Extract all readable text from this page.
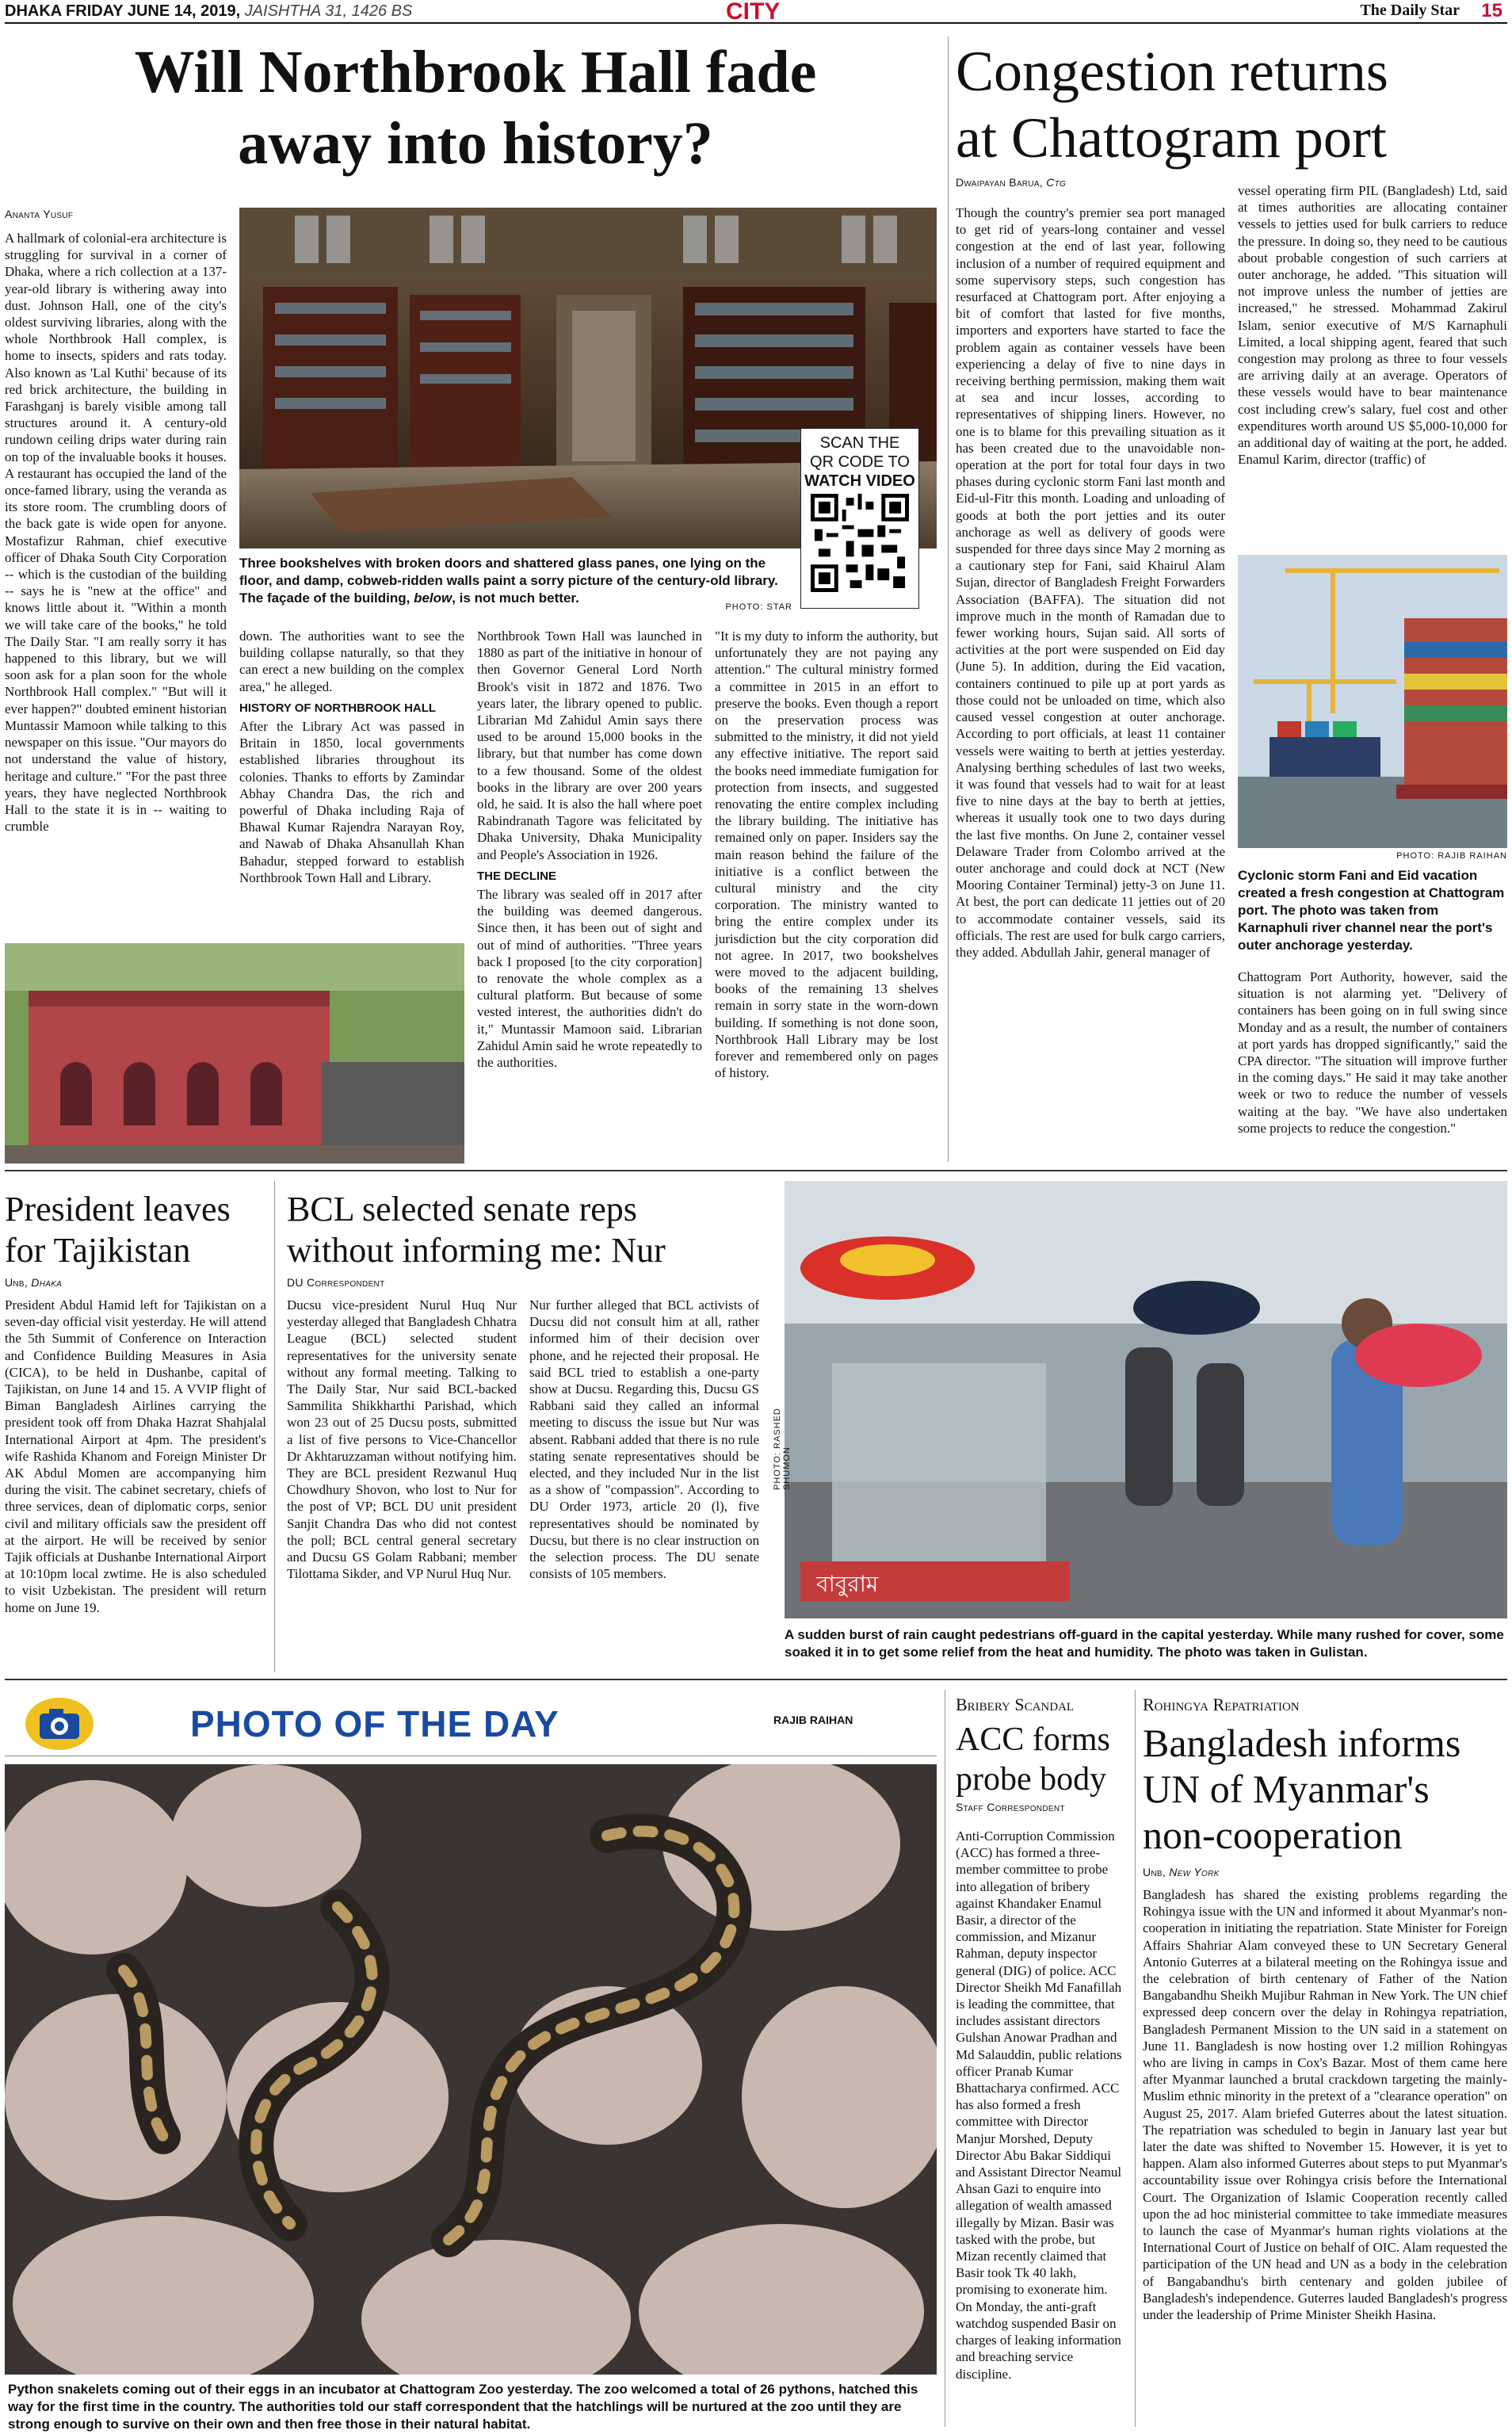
DHAKA FRIDAY JUNE 14, 2019, JAISHTHA 31, 1426 BS	CITY	The Daily Star 15
Will Northbrook Hall fade
away into history?
Ananta Yusuf
A hallmark of colonial-era architecture is struggling for survival in a corner of Dhaka, where a rich collection at a 137-year-old library is withering away into dust. Johnson Hall, one of the city's oldest surviving libraries, along with the whole Northbrook Hall complex, is home to insects, spiders and rats today. Also known as 'Lal Kuthi' because of its red brick architecture, the building in Farashganj is barely visible among tall structures around it. A century-old rundown ceiling drips water during rain on top of the invaluable books it houses. A restaurant has occupied the land of the once-famed library, using the veranda as its store room. The crumbling doors of the back gate is wide open for anyone. Mostafizur Rahman, chief executive officer of Dhaka South City Corporation -- which is the custodian of the building -- says he is "new at the office" and knows little about it. "Within a month we will take care of the books," he told The Daily Star. "I am really sorry it has happened to this library, but we will soon ask for a plan soon for the whole Northbrook Hall complex." "But will it ever happen?" doubted eminent historian Muntassir Mamoon while talking to this newspaper on this issue. "Our mayors do not understand the value of history, heritage and culture." "For the past three years, they have neglected Northbrook Hall to the state it is in -- waiting to crumble
SCAN THE
QR CODE TO
WATCH VIDEO
Three bookshelves with broken doors and shattered glass panes, one lying on the floor, and damp, cobweb-ridden walls paint a sorry picture of the century-old library. The façade of the building, below, is not much better.
PHOTO: STAR
down. The authorities want to see the building collapse naturally, so that they can erect a new building on the complex area," he alleged.
HISTORY OF NORTHBROOK HALL
After the Library Act was passed in Britain in 1850, local governments established libraries throughout its colonies. Thanks to efforts by Zamindar Abhay Chandra Das, the rich and powerful of Dhaka including Raja of Bhawal Kumar Rajendra Narayan Roy, and Nawab of Dhaka Ahsanullah Khan Bahadur, stepped forward to establish Northbrook Town Hall and Library.
Northbrook Town Hall was launched in 1880 as part of the initiative in honour of then Governor General Lord North Brook's visit in 1872 and 1876. Two years later, the library opened to public. Librarian Md Zahidul Amin says there used to be around 15,000 books in the library, but that number has come down to a few thousand. Some of the oldest books in the library are over 200 years old, he said. It is also the hall where poet Rabindranath Tagore was felicitated by Dhaka University, Dhaka Municipality and People's Association in 1926.
THE DECLINE
The library was sealed off in 2017 after the building was deemed dangerous. Since then, it has been out of sight and out of mind of authorities. "Three years back I proposed [to the city corporation] to renovate the whole complex as a cultural platform. But because of some vested interest, the authorities didn't do it," Muntassir Mamoon said. Librarian Zahidul Amin said he wrote repeatedly to the authorities.
"It is my duty to inform the authority, but unfortunately they are not paying any attention." The cultural ministry formed a committee in 2015 in an effort to preserve the books. Even though a report on the preservation process was submitted to the ministry, it did not yield any effective initiative. The report said the books need immediate fumigation for protection from insects, and suggested renovating the entire complex including the library building. The initiative has remained only on paper. Insiders say the main reason behind the failure of the initiative is a conflict between the cultural ministry and the city corporation. The ministry wanted to bring the entire complex under its jurisdiction but the city corporation did not agree. In 2017, two bookshelves were moved to the adjacent building, books of the remaining 13 shelves remain in sorry state in the worn-down building. If something is not done soon, Northbrook Hall Library may be lost forever and remembered only on pages of history.
Congestion returns
at Chattogram port
Dwaipayan Barua, Ctg
Though the country's premier sea port managed to get rid of years-long container and vessel congestion at the end of last year, following inclusion of a number of required equipment and some supervisory steps, such congestion has resurfaced at Chattogram port. After enjoying a bit of comfort that lasted for five months, importers and exporters have started to face the problem again as container vessels have been experiencing a delay of five to nine days in receiving berthing permission, making them wait at sea and incur losses, according to representatives of shipping liners. However, no one is to blame for this prevailing situation as it has been created due to the unavoidable non-operation at the port for total four days in two phases during cyclonic storm Fani last month and Eid-ul-Fitr this month. Loading and unloading of goods at both the port jetties and its outer anchorage as well as delivery of goods were suspended for three days since May 2 morning as a cautionary step for Fani, said Khairul Alam Sujan, director of Bangladesh Freight Forwarders Association (BAFFA). The situation did not improve much in the month of Ramadan due to fewer working hours, Sujan said. All sorts of activities at the port were suspended on Eid day (June 5). In addition, during the Eid vacation, containers continued to pile up at port yards as those could not be unloaded on time, which also caused vessel congestion at outer anchorage. According to port officials, at least 11 container vessels were waiting to berth at jetties yesterday. Analysing berthing schedules of last two weeks, it was found that vessels had to wait for at least five to nine days at the bay to berth at jetties, whereas it usually took one to two days during the last five months. On June 2, container vessel Delaware Trader from Colombo arrived at the outer anchorage and could dock at NCT (New Mooring Container Terminal) jetty-3 on June 11. At best, the port can dedicate 11 jetties out of 20 to accommodate container vessels, said its officials. The rest are used for bulk cargo carriers, they added. Abdullah Jahir, general manager of
vessel operating firm PIL (Bangladesh) Ltd, said at times authorities are allocating container vessels to jetties used for bulk carriers to reduce the pressure. In doing so, they need to be cautious about probable congestion of such carriers at outer anchorage, he added. "This situation will not improve unless the number of jetties are increased," he stressed. Mohammad Zakirul Islam, senior executive of M/S Karnaphuli Limited, a local shipping agent, feared that such congestion may prolong as three to four vessels are arriving daily at an average. Operators of these vessels would have to bear maintenance cost including crew's salary, fuel cost and other expenditures worth around US $5,000-10,000 for an additional day of waiting at the port, he added. Enamul Karim, director (traffic) of
PHOTO: RAJIB RAIHAN
Cyclonic storm Fani and Eid vacation created a fresh congestion at Chattogram port. The photo was taken from Karnaphuli river channel near the port's outer anchorage yesterday.
Chattogram Port Authority, however, said the situation is not alarming yet. "Delivery of containers has been going on in full swing since Monday and as a result, the number of containers at port yards has dropped significantly," said the CPA director. "The situation will improve further in the coming days." He said it may take another week or two to reduce the number of vessels waiting at the bay. "We have also undertaken some projects to reduce the congestion."
President leaves
for Tajikistan
Unb, Dhaka
President Abdul Hamid left for Tajikistan on a seven-day official visit yesterday. He will attend the 5th Summit of Conference on Interaction and Confidence Building Measures in Asia (CICA), to be held in Dushanbe, capital of Tajikistan, on June 14 and 15. A VVIP flight of Biman Bangladesh Airlines carrying the president took off from Dhaka Hazrat Shahjalal International Airport at 4pm. The president's wife Rashida Khanom and Foreign Minister Dr AK Abdul Momen are accompanying him during the visit. The cabinet secretary, chiefs of three services, dean of diplomatic corps, senior civil and military officials saw the president off at the airport. He will be received by senior Tajik officials at Dushanbe International Airport at 10:10pm local zwtime. He is also scheduled to visit Uzbekistan. The president will return home on June 19.
BCL selected senate reps
without informing me: Nur
DU Correspondent
Ducsu vice-president Nurul Huq Nur yesterday alleged that Bangladesh Chhatra League (BCL) selected student representatives for the university senate without any formal meeting. Talking to The Daily Star, Nur said BCL-backed Sammilita Shikkharthi Parishad, which won 23 out of 25 Ducsu posts, submitted a list of five persons to Vice-Chancellor Dr Akhtaruzzaman without notifying him. They are BCL president Rezwanul Huq Chowdhury Shovon, who lost to Nur for the post of VP; BCL DU unit president Sanjit Chandra Das who did not contest the poll; BCL central general secretary and Ducsu GS Golam Rabbani; member Tilottama Sikder, and VP Nurul Huq Nur.
Nur further alleged that BCL activists of Ducsu did not consult him at all, rather informed him of their decision over phone, and he rejected their proposal. He said BCL tried to establish a one-party show at Ducsu. Regarding this, Ducsu GS Rabbani said they called an informal meeting to discuss the issue but Nur was absent. Rabbani added that there is no rule stating senate representatives should be elected, and they included Nur in the list as a show of "compassion". According to DU Order 1973, article 20 (l), five representatives should be nominated by Ducsu, but there is no clear instruction on the selection process. The DU senate consists of 105 members.	বাবুরাম
PHOTO: RASHED SHUMON
A sudden burst of rain caught pedestrians off-guard in the capital yesterday. While many rushed for cover, some soaked it in to get some relief from the heat and humidity. The photo was taken in Gulistan.
PHOTO OF THE DAY	RAJIB RAIHAN
Python snakelets coming out of their eggs in an incubator at Chattogram Zoo yesterday. The zoo welcomed a total of 26 pythons, hatched this way for the first time in the country. The authorities told our staff correspondent that the hatchlings will be nurtured at the zoo until they are strong enough to survive on their own and then free those in their natural habitat.
Bribery Scandal
ACC forms
probe body
Staff Correspondent
Anti-Corruption Commission (ACC) has formed a three-member committee to probe into allegation of bribery against Khandaker Enamul Basir, a director of the commission, and Mizanur Rahman, deputy inspector general (DIG) of police. ACC Director Sheikh Md Fanafillah is leading the committee, that includes assistant directors Gulshan Anowar Pradhan and Md Salauddin, public relations officer Pranab Kumar Bhattacharya confirmed. ACC has also formed a fresh committee with Director Manjur Morshed, Deputy Director Abu Bakar Siddiqui and Assistant Director Neamul Ahsan Gazi to enquire into allegation of wealth amassed illegally by Mizan. Basir was tasked with the probe, but Mizan recently claimed that Basir took Tk 40 lakh, promising to exonerate him. On Monday, the anti-graft watchdog suspended Basir on charges of leaking information and breaching service discipline.
Rohingya Repatriation
Bangladesh informs
UN of Myanmar's
non-cooperation
Unb, New York
Bangladesh has shared the existing problems regarding the Rohingya issue with the UN and informed it about Myanmar's non-cooperation in initiating the repatriation. State Minister for Foreign Affairs Shahriar Alam conveyed these to UN Secretary General Antonio Guterres at a bilateral meeting on the Rohingya issue and the celebration of birth centenary of Father of the Nation Bangabandhu Sheikh Mujibur Rahman in New York. The UN chief expressed deep concern over the delay in Rohingya repatriation, Bangladesh Permanent Mission to the UN said in a statement on June 11. Bangladesh is now hosting over 1.2 million Rohingyas who are living in camps in Cox's Bazar. Most of them came here after Myanmar launched a brutal crackdown targeting the mainly-Muslim ethnic minority in the pretext of a "clearance operation" on August 25, 2017. Alam briefed Guterres about the latest situation. The repatriation was scheduled to begin in January last year but later the date was shifted to November 15. However, it is yet to happen. Alam also informed Guterres about steps to put Myanmar's accountability issue over Rohingya crisis before the International Court. The Organization of Islamic Cooperation recently called upon the ad hoc ministerial committee to take immediate measures to launch the case of Myanmar's human rights violations at the International Court of Justice on behalf of OIC. Alam requested the participation of the UN head and UN as a body in the celebration of Bangabandhu's birth centenary and golden jubilee of Bangladesh's independence. Guterres lauded Bangladesh's progress under the leadership of Prime Minister Sheikh Hasina.
